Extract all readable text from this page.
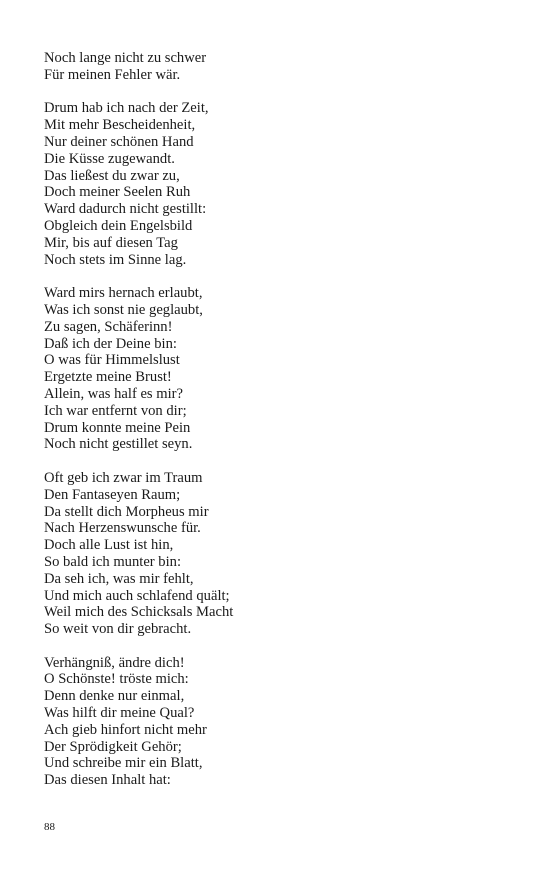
Noch lange nicht zu schwer
Für meinen Fehler wär.
Drum hab ich nach der Zeit,
Mit mehr Bescheidenheit,
Nur deiner schönen Hand
Die Küsse zugewandt.
Das ließest du zwar zu,
Doch meiner Seelen Ruh
Ward dadurch nicht gestillt:
Obgleich dein Engelsbild
Mir, bis auf diesen Tag
Noch stets im Sinne lag.
Ward mirs hernach erlaubt,
Was ich sonst nie geglaubt,
Zu sagen, Schäferinn!
Daß ich der Deine bin:
O was für Himmelslust
Ergetzte meine Brust!
Allein, was half es mir?
Ich war entfernt von dir;
Drum konnte meine Pein
Noch nicht gestillet seyn.
Oft geb ich zwar im Traum
Den Fantaseyen Raum;
Da stellt dich Morpheus mir
Nach Herzenswunsche für.
Doch alle Lust ist hin,
So bald ich munter bin:
Da seh ich, was mir fehlt,
Und mich auch schlafend quält;
Weil mich des Schicksals Macht
So weit von dir gebracht.
Verhängniß, ändre dich!
O Schönste! tröste mich:
Denn denke nur einmal,
Was hilft dir meine Qual?
Ach gieb hinfort nicht mehr
Der Sprödigkeit Gehör;
Und schreibe mir ein Blatt,
Das diesen Inhalt hat:
88
